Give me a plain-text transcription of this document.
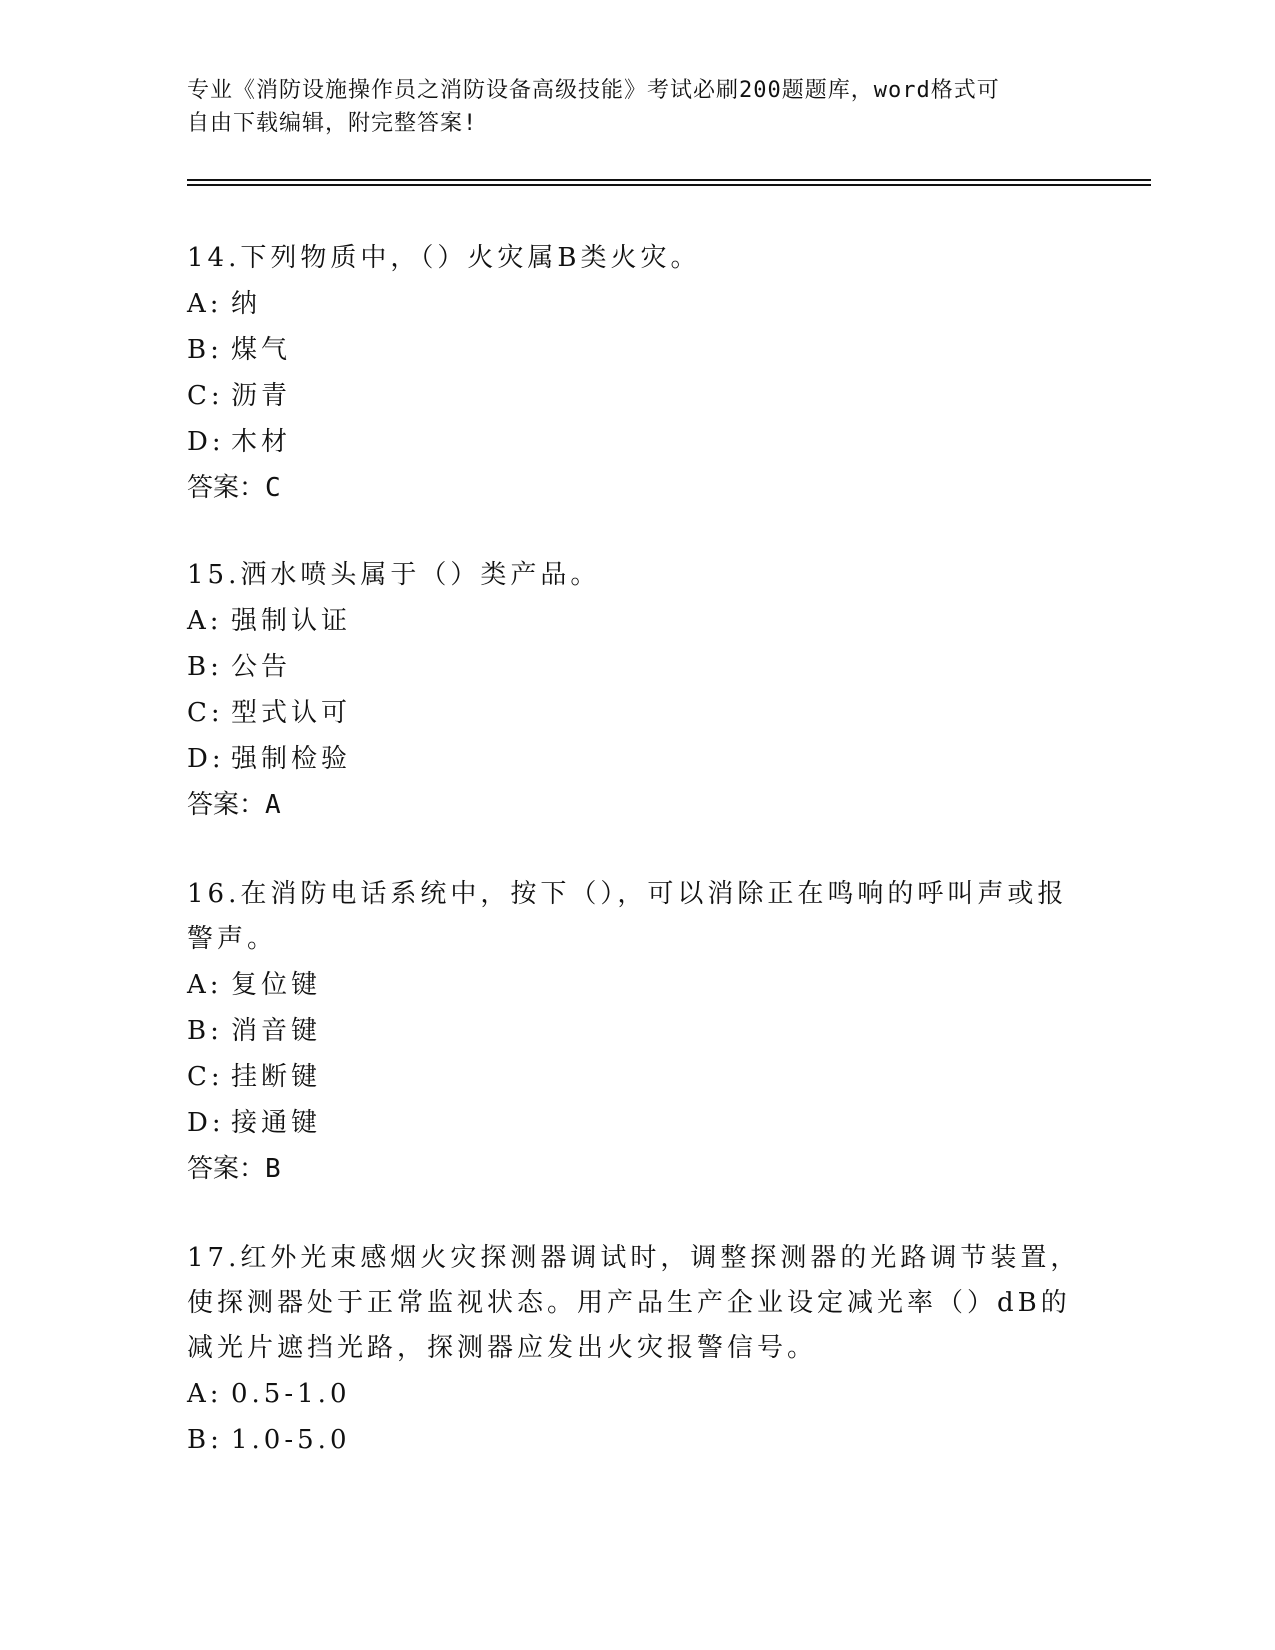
专业《消防设施操作员之消防设备高级技能》考试必刷200题题库，word格式可
自由下载编辑，附完整答案!
14.下列物质中，（）火灾属B类火灾。
A: 纳
B: 煤气
C: 沥青
D: 木材
答案：C
15.洒水喷头属于（）类产品。
A: 强制认证
B: 公告
C: 型式认可
D: 强制检验
答案：A
16.在消防电话系统中，按下（），可以消除正在鸣响的呼叫声或报警声。
A: 复位键
B: 消音键
C: 挂断键
D: 接通键
答案：B
17.红外光束感烟火灾探测器调试时，调整探测器的光路调节装置，使探测器处于正常监视状态。用产品生产企业设定减光率（）dB的减光片遮挡光路，探测器应发出火灾报警信号。
A: 0.5-1.0
B: 1.0-5.0
